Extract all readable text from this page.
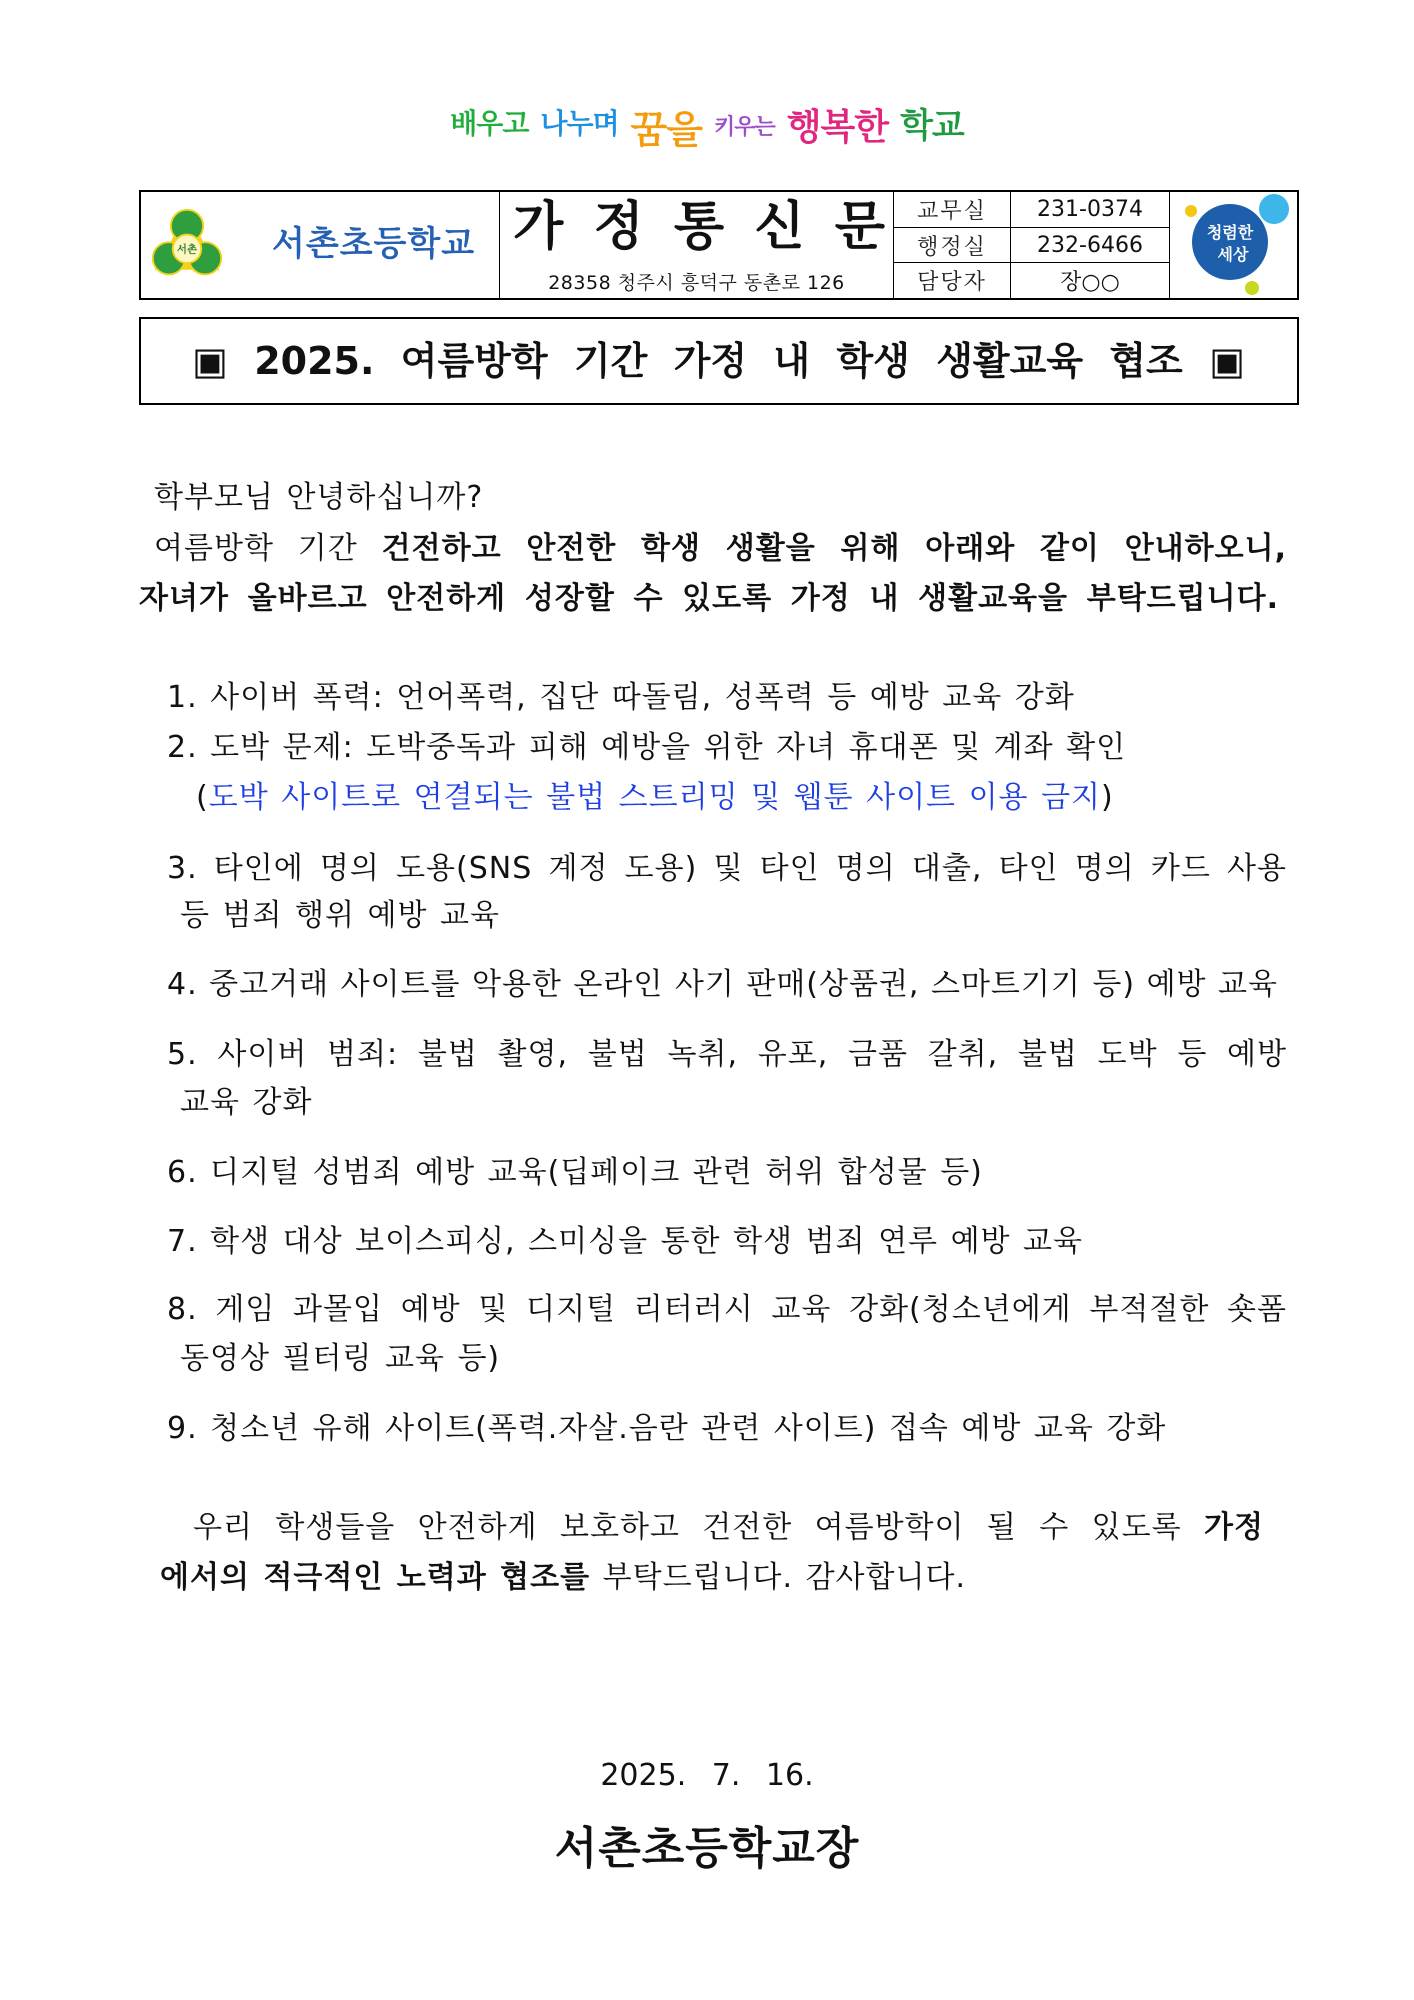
배우고 나누며 꿈을 키우는 행복한 학교
서촌 서촌초등학교 가 정 통 신 문
28358 청주시 흥덕구 동촌로 126
교무실
행정실
담당자
231-0374
232-6466
장○○
청렴한
세상
▣ 2025. 여름방학 기간 가정 내 학생 생활교육 협조 ▣
학부모님 안녕하십니까?
여름방학 기간 건전하고 안전한 학생 생활을 위해 아래와 같이 안내하오니,
자녀가 올바르고 안전하게 성장할 수 있도록 가정 내 생활교육을 부탁드립니다.
1. 사이버 폭력: 언어폭력, 집단 따돌림, 성폭력 등 예방 교육 강화
2. 도박 문제: 도박중독과 피해 예방을 위한 자녀 휴대폰 및 계좌 확인
(도박 사이트로 연결되는 불법 스트리밍 및 웹툰 사이트 이용 금지)
3. 타인에 명의 도용(SNS 계정 도용) 및 타인 명의 대출, 타인 명의 카드 사용
등 범죄 행위 예방 교육
4. 중고거래 사이트를 악용한 온라인 사기 판매(상품권, 스마트기기 등) 예방 교육
5. 사이버 범죄: 불법 촬영, 불법 녹취, 유포, 금품 갈취, 불법 도박 등 예방
교육 강화
6. 디지털 성범죄 예방 교육(딥페이크 관련 허위 합성물 등)
7. 학생 대상 보이스피싱, 스미싱을 통한 학생 범죄 연루 예방 교육
8. 게임 과몰입 예방 및 디지털 리터러시 교육 강화(청소년에게 부적절한 숏폼
동영상 필터링 교육 등)
9. 청소년 유해 사이트(폭력.자살.음란 관련 사이트) 접속 예방 교육 강화
우리 학생들을 안전하게 보호하고 건전한 여름방학이 될 수 있도록 가정
에서의 적극적인 노력과 협조를 부탁드립니다. 감사합니다.
2025. 7. 16.
서촌초등학교장
